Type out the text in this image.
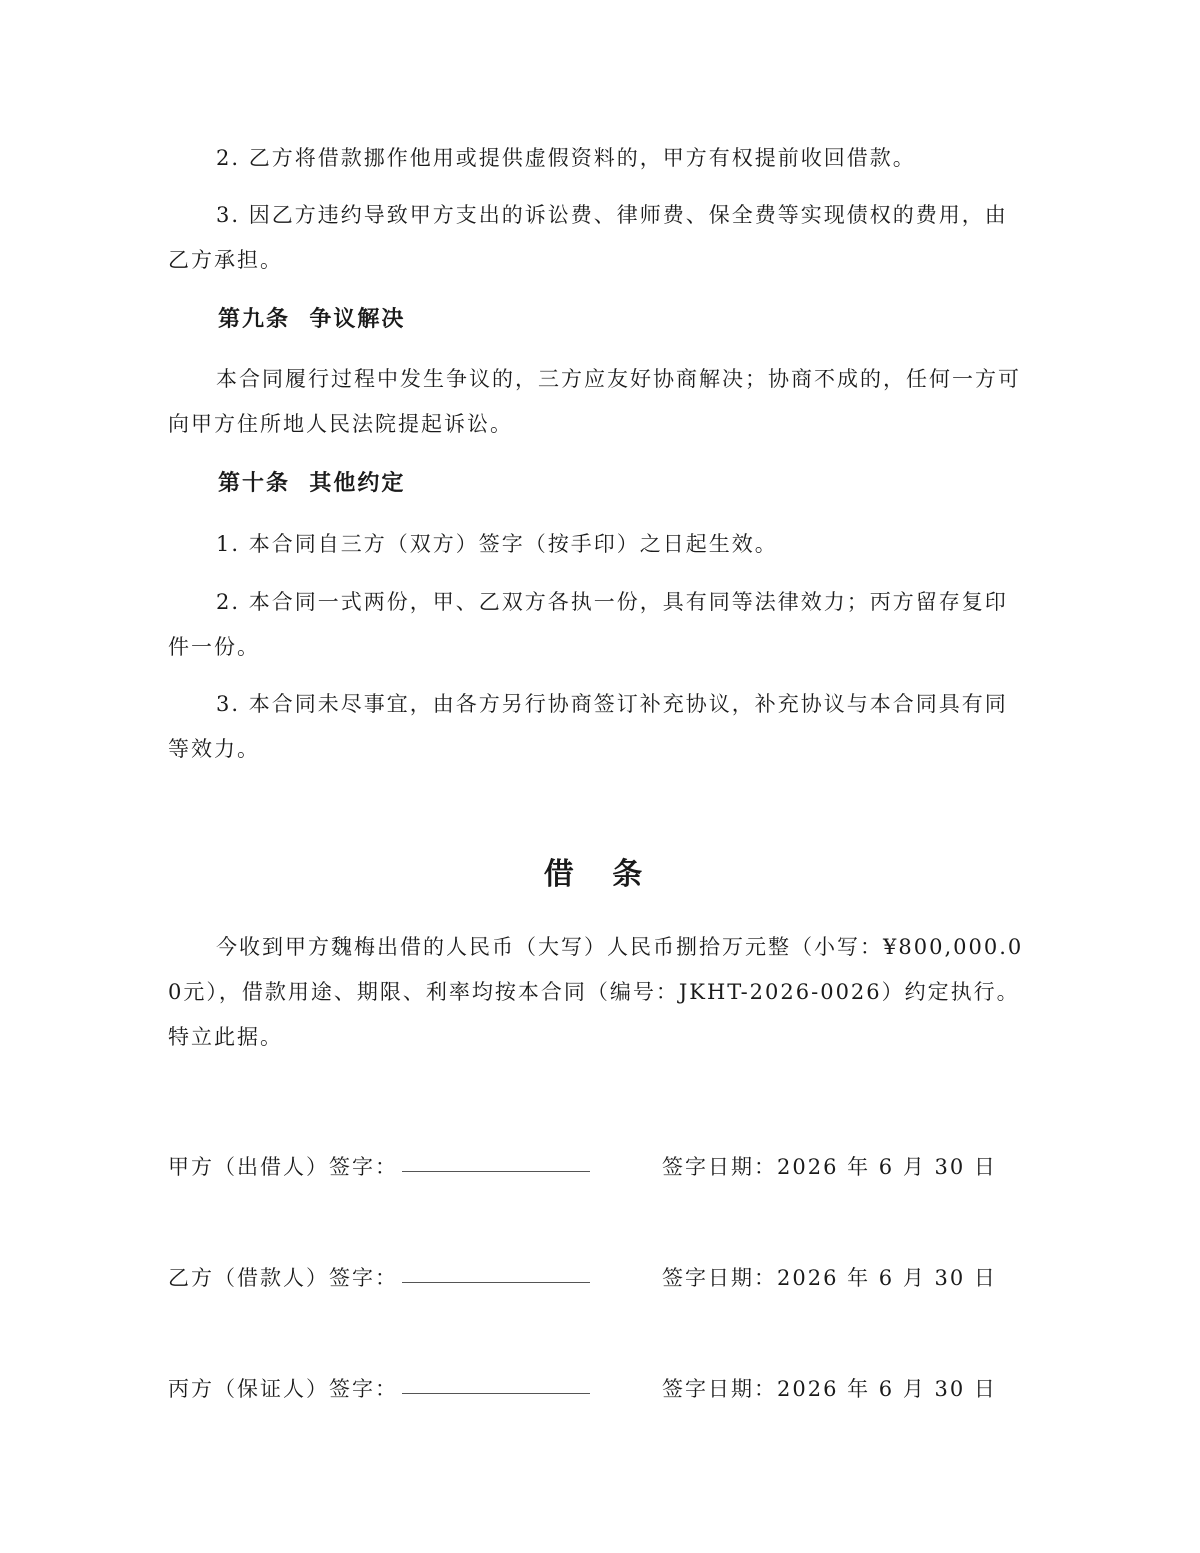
2. 乙方将借款挪作他用或提供虚假资料的，甲方有权提前收回借款。

3. 因乙方违约导致甲方支出的诉讼费、律师费、保全费等实现债权的费用，由乙方承担。

第九条  争议解决

本合同履行过程中发生争议的，三方应友好协商解决；协商不成的，任何一方可向甲方住所地人民法院提起诉讼。

第十条  其他约定

1. 本合同自三方（双方）签字（按手印）之日起生效。

2. 本合同一式两份，甲、乙双方各执一份，具有同等法律效力；丙方留存复印件一份。

3. 本合同未尽事宜，由各方另行协商签订补充协议，补充协议与本合同具有同等效力。

借 条

今收到甲方魏梅出借的人民币（大写）人民币捌拾万元整（小写：¥800,000.00元），借款用途、期限、利率均按本合同（编号：JKHT-2026-0026）约定执行。特立此据。

甲方（出借人）签字：	签字日期：2026 年 6 月 30 日
乙方（借款人）签字：	签字日期：2026 年 6 月 30 日
丙方（保证人）签字：	签字日期：2026 年 6 月 30 日
